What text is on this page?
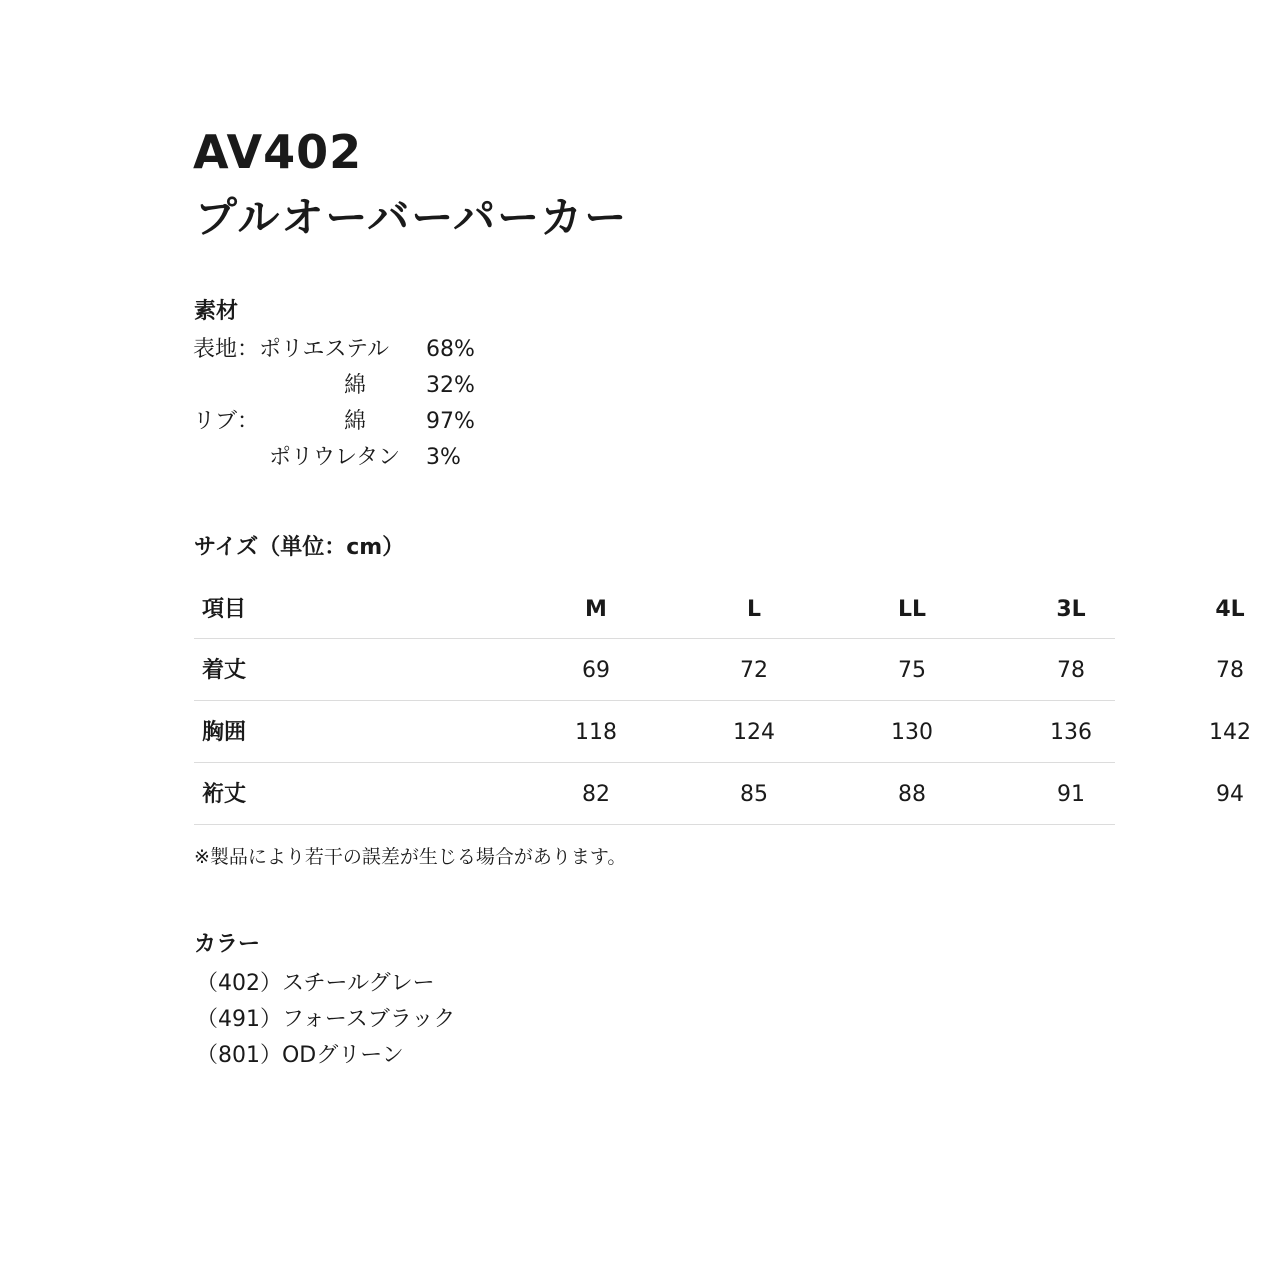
AV402
プルオーバーパーカー
素材
表地：ポリエステル 68%
綿	32%
リブ：	綿	97%
ポリウレタン 3%
サイズ（単位：cm）
項目	M	L	LL	3L	4L
着丈	69	72	75	78	78
胸囲	118	124	130	136	142
裄丈	82	85	88	91	94
※製品により若干の誤差が生じる場合があります。
カラー
（402）スチールグレー
（491）フォースブラック
（801）ODグリーン
